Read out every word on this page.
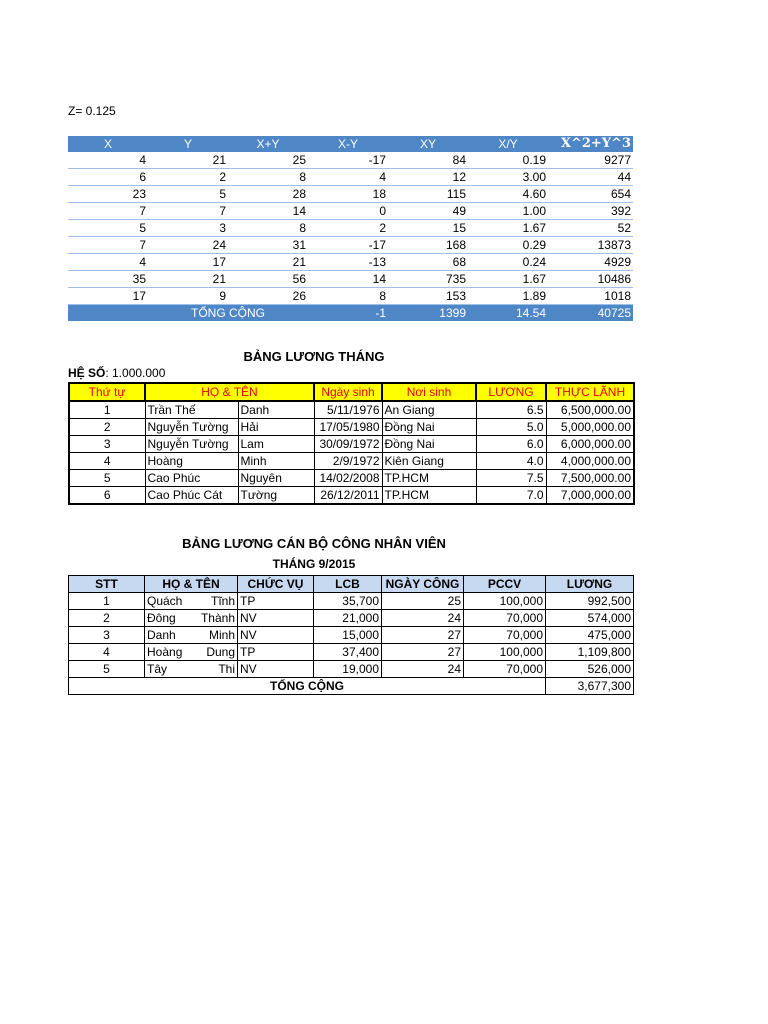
Z= 0.125
X	Y	X+Y	X-Y	XY	X/Y	X^2+Y^3
4	21	25	-17	84	0.19	9277
6	2	8	4	12	3.00	44
23	5	28	18	115	4.60	654
7	7	14	0	49	1.00	392
5	3	8	2	15	1.67	52
7	24	31	-17	168	0.29	13873
4	17	21	-13	68	0.24	4929
35	21	56	14	735	1.67	10486
17	9	26	8	153	1.89	1018
	TỔNG CỘNG		-1	1399	14.54	40725
BẢNG LƯƠNG THÁNG
HỆ SỐ: 1.000.000
Thứ tự	HỌ & TÊN		Ngày sinh	Nơi sinh	LƯƠNG	THỰC LÃNH
1	Trần Thế	Danh	5/11/1976	An Giang	6.5	6,500,000.00
2	Nguyễn Tường	Hải	17/05/1980	Đồng Nai	5.0	5,000,000.00
3	Nguyễn Tường	Lam	30/09/1972	Đồng Nai	6.0	6,000,000.00
4	Hoàng	Minh	2/9/1972	Kiên Giang	4.0	4,000,000.00
5	Cao Phúc	Nguyên	14/02/2008	TP.HCM	7.5	7,500,000.00
6	Cao Phúc Cát	Tường	26/12/2011	TP.HCM	7.0	7,000,000.00
BẢNG LƯƠNG CÁN BỘ CÔNG NHÂN VIÊN
THÁNG 9/2015
STT	HỌ & TÊN	CHỨC VỤ	LCB	NGÀY CÔNG	PCCV	LƯƠNG
1	Quách Tĩnh	TP	35,700	25	100,000	992,500
2	Đông Thành	NV	21,000	24	70,000	574,000
3	Danh Minh	NV	15,000	27	70,000	475,000
4	Hoàng Dung	TP	37,400	27	100,000	1,109,800
5	Tây Thi	NV	19,000	24	70,000	526,000
TỔNG CỘNG						3,677,300
